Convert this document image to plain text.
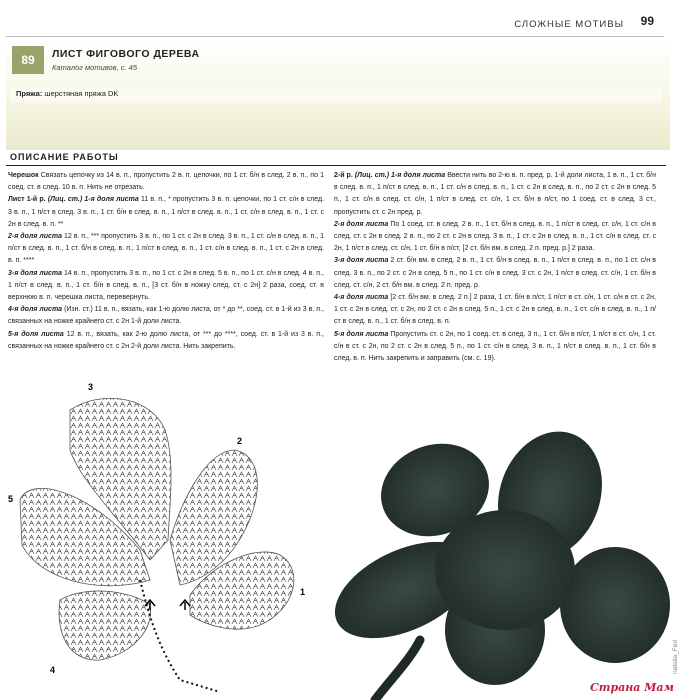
СЛОЖНЫЕ МОТИВЫ 99
89	ЛИСТ ФИГОВОГО ДЕРЕВА
Каталог мотивов, с. 45
Пряжа: шерстяная пряжа DK
ОПИСАНИЕ РАБОТЫ

Черешок Связать цепочку из 14 в. п., пропустить 2 в. п. цепочки, по 1 ст. б/н в след. 2 в. п., по 1 соед. ст. в след. 10 в. п. Нить не отрезать.

Лист 1-й р. (Лиц. ст.) 1-я доля листа 11 в. п., * пропустить 3 в. п. цепочки, по 1 ст. с/н в след. 3 в. п., 1 п/ст в след. 3 в. п., 1 ст. б/н в след. в. п., 1 п/ст в след. в. п., 1 ст. с/н в след. в. п., 1 ст. с 2н в след. в. п. **

2-я доля листа 12 в. п., *** пропустить 3 в. п., по 1 ст. с 2н в след. 3 в. п., 1 ст. с/н в след. в. п., 1 п/ст в след. в. п., 1 ст. б/н в след. в. п., 1 п/ст в след. в. п., 1 ст. с/н в след. в. п., 1 ст. с 2н в след. в. п. ****

3-я доля листа 14 в. п., пропустить 3 в. п., по 1 ст. с 2н в след. 5 в. п., по 1 ст. с/н в след. 4 в. п., 1 п/ст в след. в. п., 1 ст. б/н в след. в. п., [3 ст. б/н в ножку след. ст. с 2н] 2 раза, соед. ст. в верхнюю в. п. черешка листа, перевернуть.

4-я доля листа (Изн. ст.) 11 в. п., вязать, как 1-ю долю листа, от * до **, соед. ст. в 1-й из 3 в. п., связанных на ножке крайнего ст. с 2н 1-й доли листа.

5-я доля листа 12 в. п., вязать, как 2-ю долю листа, от *** до ****, соед. ст. в 1-й из 3 в. п., связанных на ножке крайнего ст. с 2н 2-й доли листа. Нить закрепить.

2-й р. (Лиц. ст.) 1-я доля листа Ввести нить во 2-ю в. п. пред. р. 1-й доли листа, 1 в. п., 1 ст. б/н в след. в. п., 1 п/ст в след. в. п., 1 ст. с/н в след. в. п., 1 ст. с 2н в след. в. п., по 2 ст. с 2н в след. 5 п., 1 ст. с/н в след. ст. с/н, 1 п/ст в след. ст. с/н, 1 ст. б/н в п/ст, по 1 соед. ст. в след. 3 ст., пропустить ст. с 2н пред. р.

2-я доля листа По 1 соед. ст. в след. 2 в. п., 1 ст. б/н в след. в. п., 1 п/ст в след. ст. с/н, 1 ст. с/н в след. ст. с 2н в след. 2 в. п., по 2 ст. с 2н в след. 3 в. п., 1 ст. с 2н в след. в. п., 1 ст. с/н в след. ст. с 2н, 1 п/ст в след. ст. с/н, 1 ст. б/н в п/ст, [2 ст. б/н вм. в след. 2 п. пред. р.] 2 раза.

3-я доля листа 2 ст. б/н вм. в след. 2 в. п., 1 ст. б/н в след. в. п., 1 п/ст в след. в. п., по 1 ст. с/н в след. 3 в. п., по 2 ст. с 2н в след. 5 п., по 1 ст. с/н в след. 3 ст. с 2н, 1 п/ст в след. ст. с/н, 1 ст. б/н в след. ст. с/н, 2 ст. б/н вм. в след. 2 п. пред. р.

4-я доля листа [2 ст. б/н вм. в след. 2 п.] 2 раза, 1 ст. б/н в п/ст, 1 п/ст в ст. с/н, 1 ст. с/н в ст. с 2н, 1 ст. с 2н в след. ст. с 2н, по 2 ст. с 2н в след. 5 п., 1 ст. с 2н в след. в. п., 1 ст. с/н в след. в. п., 1 п/ст в след. в. п., 1 ст. б/н в след. в. п.

5-я доля листа Пропустить ст. с 2н, по 1 соед. ст. в след. 3 п., 1 ст. б/н в п/ст, 1 п/ст в ст. с/н, 1 ст. с/н в ст. с 2н, по 2 ст. с 2н в след. 5 п., по 1 ст. с/н в след. 3 в. п., 1 п/ст в след. в. п., 1 ст. б/н в след. в. п. Нить закрепить и заправить (см. с. 19).

3
2
5
1
4	natalia_Fed
Страна Мам
